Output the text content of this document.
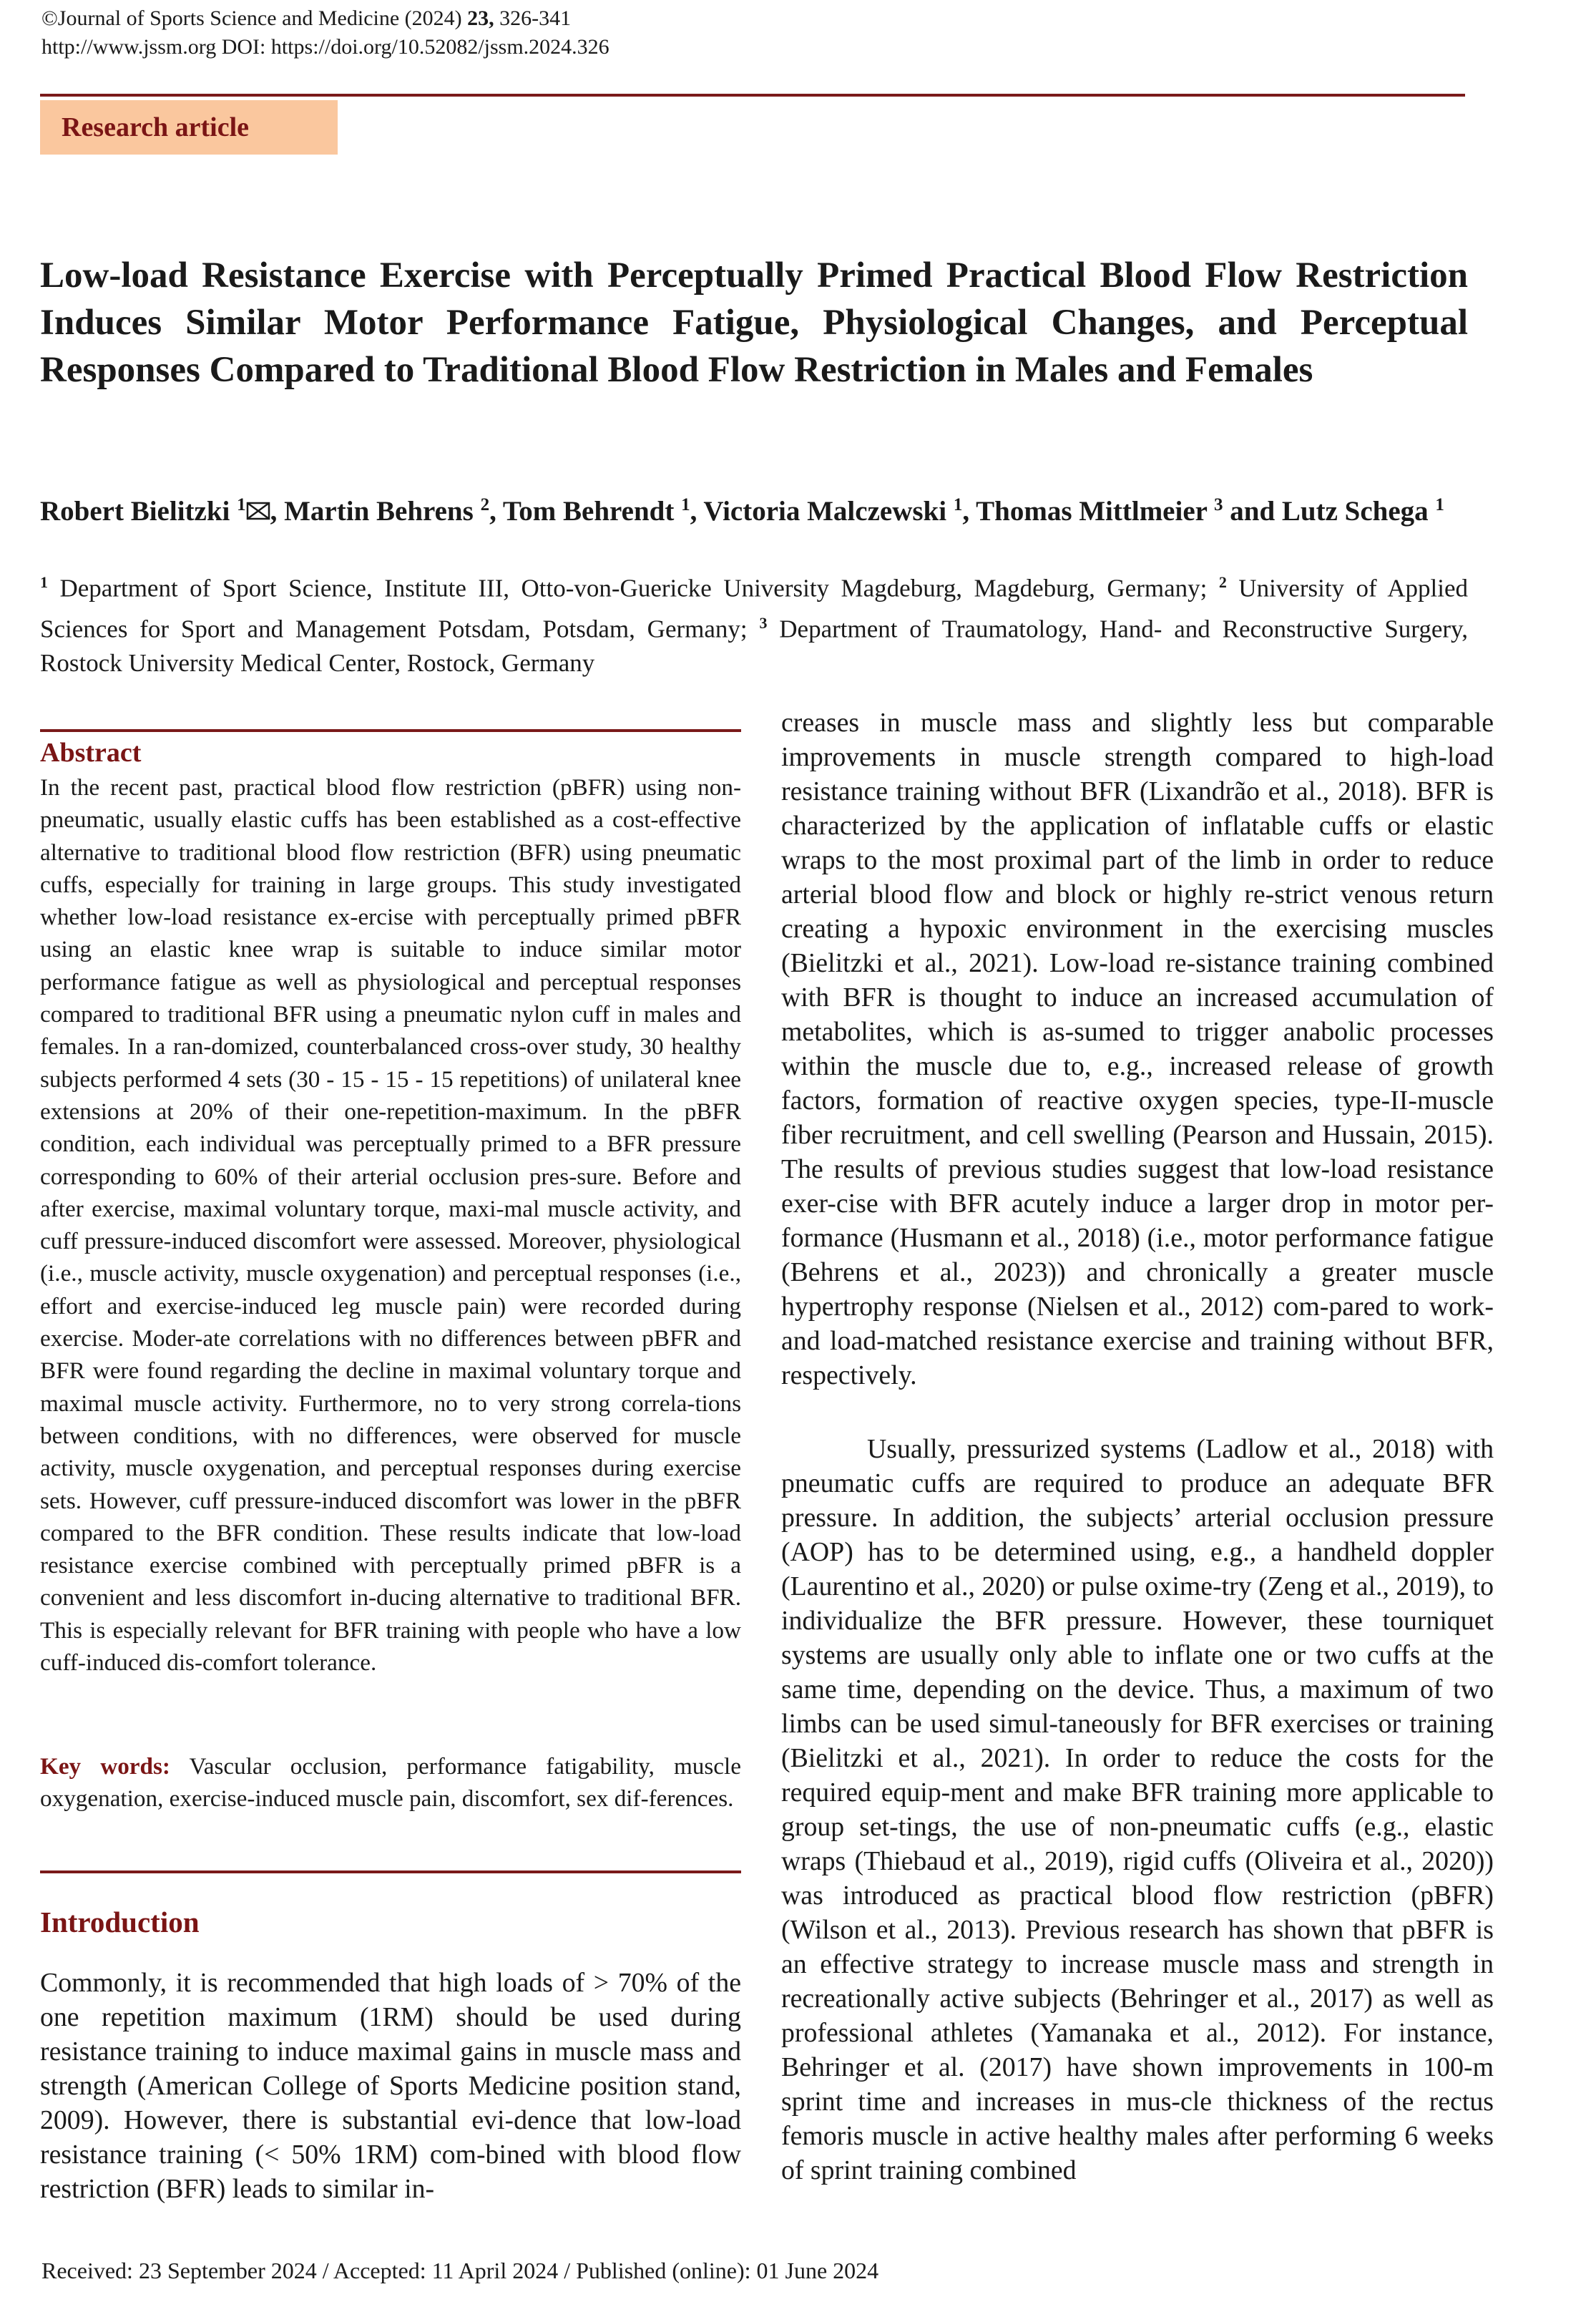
©Journal of Sports Science and Medicine (2024) 23, 326-341
http://www.jssm.org DOI: https://doi.org/10.52082/jssm.2024.326
Research article
Low-load Resistance Exercise with Perceptually Primed Practical Blood Flow Restriction Induces Similar Motor Performance Fatigue, Physiological Changes, and Perceptual Responses Compared to Traditional Blood Flow Restriction in Males and Females
Robert Bielitzki $^1$ , Martin Behrens $^2$, Tom Behrendt $^1$, Victoria Malczewski $^1$, Thomas Mittlmeier $^3$ and Lutz Schega $^1$
$^1$ Department of Sport Science, Institute III, Otto-von-Guericke University Magdeburg, Magdeburg, Germany; $^2$ University of Applied Sciences for Sport and Management Potsdam, Potsdam, Germany; $^3$ Department of Traumatology, Hand- and Reconstructive Surgery, Rostock University Medical Center, Rostock, Germany
Abstract

In the recent past, practical blood flow restriction (pBFR) using non-pneumatic, usually elastic cuffs has been established as a cost-effective alternative to traditional blood flow restriction (BFR) using pneumatic cuffs, especially for training in large groups. This study investigated whether low-load resistance ex-ercise with perceptually primed pBFR using an elastic knee wrap is suitable to induce similar motor performance fatigue as well as physiological and perceptual responses compared to traditional BFR using a pneumatic nylon cuff in males and females. In a ran-domized, counterbalanced cross-over study, 30 healthy subjects performed 4 sets (30 - 15 - 15 - 15 repetitions) of unilateral knee extensions at 20% of their one-repetition-maximum. In the pBFR condition, each individual was perceptually primed to a BFR pressure corresponding to 60% of their arterial occlusion pres-sure. Before and after exercise, maximal voluntary torque, maxi-mal muscle activity, and cuff pressure-induced discomfort were assessed. Moreover, physiological (i.e., muscle activity, muscle oxygenation) and perceptual responses (i.e., effort and exercise-induced leg muscle pain) were recorded during exercise. Moder-ate correlations with no differences between pBFR and BFR were found regarding the decline in maximal voluntary torque and maximal muscle activity. Furthermore, no to very strong correla-tions between conditions, with no differences, were observed for muscle activity, muscle oxygenation, and perceptual responses during exercise sets. However, cuff pressure-induced discomfort was lower in the pBFR compared to the BFR condition. These results indicate that low-load resistance exercise combined with perceptually primed pBFR is a convenient and less discomfort in-ducing alternative to traditional BFR. This is especially relevant for BFR training with people who have a low cuff-induced dis-comfort tolerance.

Key words: Vascular occlusion, performance fatigability, muscle oxygenation, exercise-induced muscle pain, discomfort, sex dif-ferences.

Introduction

Commonly, it is recommended that high loads of > 70% of the one repetition maximum (1RM) should be used during resistance training to induce maximal gains in muscle mass and strength (American College of Sports Medicine position stand, 2009). However, there is substantial evi-dence that low-load resistance training (< 50% 1RM) com-bined with blood flow restriction (BFR) leads to similar in-

creases in muscle mass and slightly less but comparable improvements in muscle strength compared to high-load resistance training without BFR (Lixandrão et al., 2018). BFR is characterized by the application of inflatable cuffs or elastic wraps to the most proximal part of the limb in order to reduce arterial blood flow and block or highly re-strict venous return creating a hypoxic environment in the exercising muscles (Bielitzki et al., 2021). Low-load re-sistance training combined with BFR is thought to induce an increased accumulation of metabolites, which is as-sumed to trigger anabolic processes within the muscle due to, e.g., increased release of growth factors, formation of reactive oxygen species, type-II-muscle fiber recruitment, and cell swelling (Pearson and Hussain, 2015). The results of previous studies suggest that low-load resistance exer-cise with BFR acutely induce a larger drop in motor per-formance (Husmann et al., 2018) (i.e., motor performance fatigue (Behrens et al., 2023)) and chronically a greater muscle hypertrophy response (Nielsen et al., 2012) com-pared to work- and load-matched resistance exercise and training without BFR, respectively.

Usually, pressurized systems (Ladlow et al., 2018) with pneumatic cuffs are required to produce an adequate BFR pressure. In addition, the subjects’ arterial occlusion pressure (AOP) has to be determined using, e.g., a handheld doppler (Laurentino et al., 2020) or pulse oxime-try (Zeng et al., 2019), to individualize the BFR pressure. However, these tourniquet systems are usually only able to inflate one or two cuffs at the same time, depending on the device. Thus, a maximum of two limbs can be used simul-taneously for BFR exercises or training (Bielitzki et al., 2021). In order to reduce the costs for the required equip-ment and make BFR training more applicable to group set-tings, the use of non-pneumatic cuffs (e.g., elastic wraps (Thiebaud et al., 2019), rigid cuffs (Oliveira et al., 2020)) was introduced as practical blood flow restriction (pBFR) (Wilson et al., 2013). Previous research has shown that pBFR is an effective strategy to increase muscle mass and strength in recreationally active subjects (Behringer et al., 2017) as well as professional athletes (Yamanaka et al., 2012). For instance, Behringer et al. (2017) have shown improvements in 100-m sprint time and increases in mus-cle thickness of the rectus femoris muscle in active healthy males after performing 6 weeks of sprint training combined

Received: 23 September 2024 / Accepted: 11 April 2024 / Published (online): 01 June 2024
